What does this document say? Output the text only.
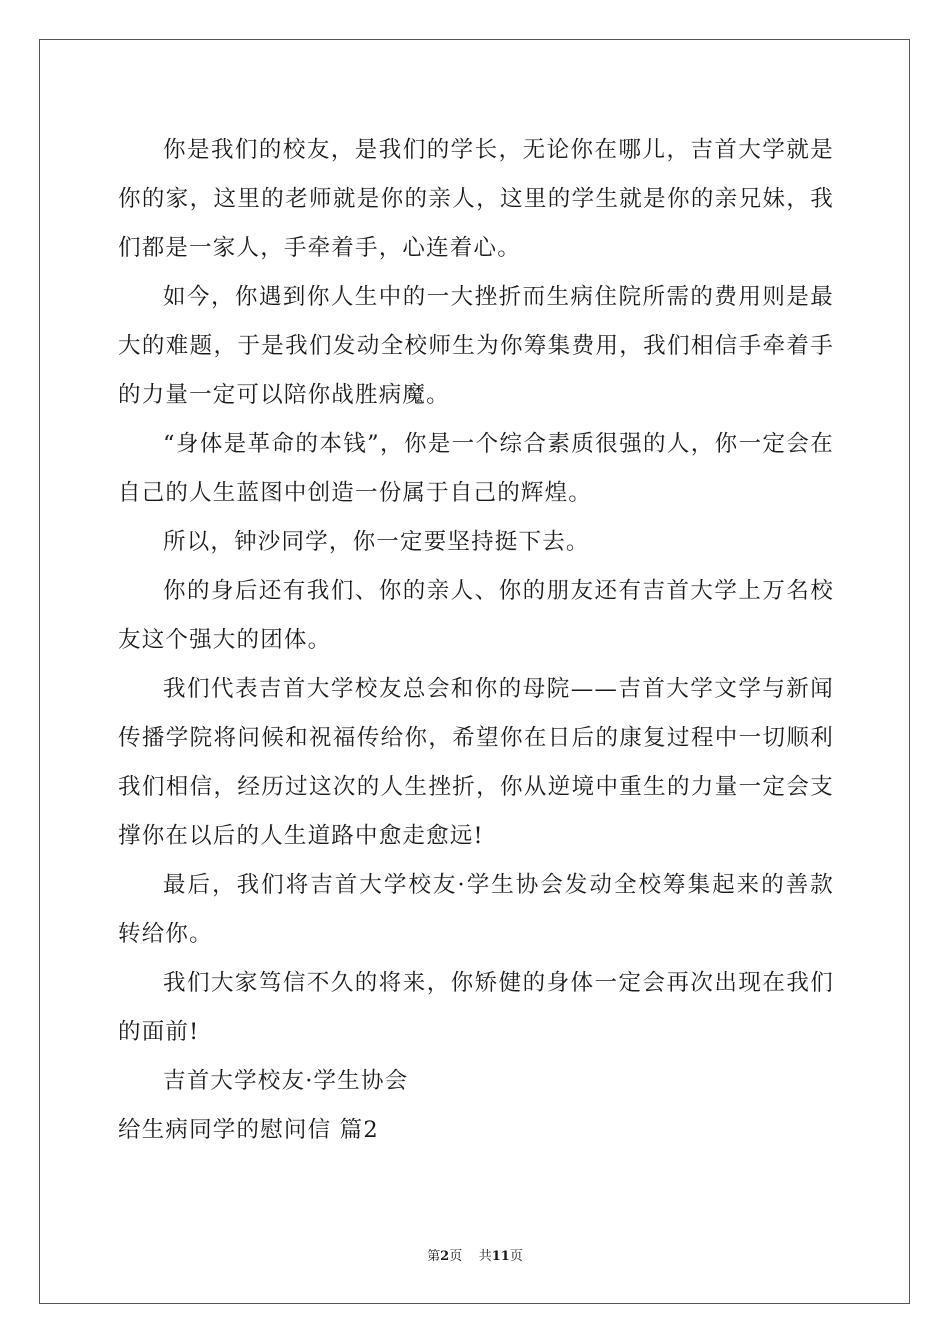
你是我们的校友，是我们的学长，无论你在哪儿，吉首大学就是你的家，这里的老师就是你的亲人，这里的学生就是你的亲兄妹，我们都是一家人，手牵着手，心连着心。

如今，你遇到你人生中的一大挫折而生病住院所需的费用则是最大的难题，于是我们发动全校师生为你筹集费用，我们相信手牵着手的力量一定可以陪你战胜病魔。

“身体是革命的本钱”，你是一个综合素质很强的人，你一定会在自己的人生蓝图中创造一份属于自己的辉煌。

所以，钟沙同学，你一定要坚持挺下去。

你的身后还有我们、你的亲人、你的朋友还有吉首大学上万名校友这个强大的团体。

我们代表吉首大学校友总会和你的母院——吉首大学文学与新闻传播学院将问候和祝福传给你，希望你在日后的康复过程中一切顺利我们相信，经历过这次的人生挫折，你从逆境中重生的力量一定会支撑你在以后的人生道路中愈走愈远!

最后，我们将吉首大学校友·学生协会发动全校筹集起来的善款转给你。

我们大家笃信不久的将来，你矫健的身体一定会再次出现在我们的面前!

吉首大学校友·学生协会

给生病同学的慰问信 篇2

第2页 共11页
